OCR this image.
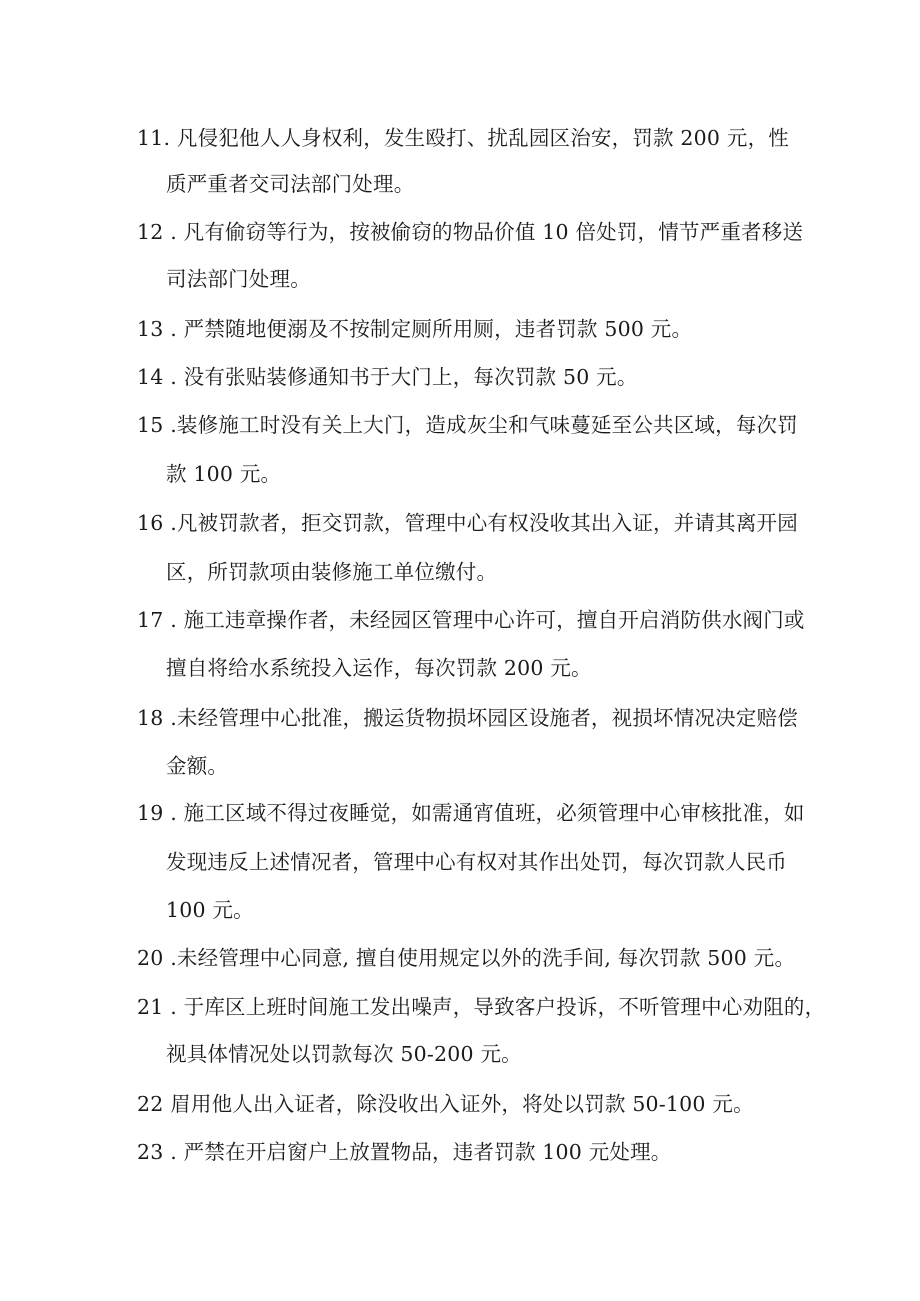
11. 凡侵犯他人人身权利，发生殴打、扰乱园区治安，罚款 200 元，性
质严重者交司法部门处理。
12 . 凡有偷窃等行为，按被偷窃的物品价值 10 倍处罚，情节严重者移送
司法部门处理。
13 . 严禁随地便溺及不按制定厕所用厕，违者罚款 500 元。
14 . 没有张贴装修通知书于大门上，每次罚款 50 元。
15 .装修施工时没有关上大门，造成灰尘和气味蔓延至公共区域，每次罚
款 100 元。
16 .凡被罚款者，拒交罚款，管理中心有权没收其出入证，并请其离开园
区，所罚款项由装修施工单位缴付。
17 . 施工违章操作者，未经园区管理中心许可，擅自开启消防供水阀门或
擅自将给水系统投入运作，每次罚款 200 元。
18 .未经管理中心批准，搬运货物损坏园区设施者，视损坏情况决定赔偿
金额。
19 . 施工区域不得过夜睡觉，如需通宵值班，必须管理中心审核批准，如
发现违反上述情况者，管理中心有权对其作出处罚，每次罚款人民币
100 元。
20 .未经管理中心同意, 擅自使用规定以外的洗手间, 每次罚款 500 元。
21 . 于库区上班时间施工发出噪声，导致客户投诉，不听管理中心劝阻的，
视具体情况处以罚款每次 50-200 元。
22 眉用他人出入证者，除没收出入证外，将处以罚款 50-100 元。
23 . 严禁在开启窗户上放置物品，违者罚款 100 元处理。
